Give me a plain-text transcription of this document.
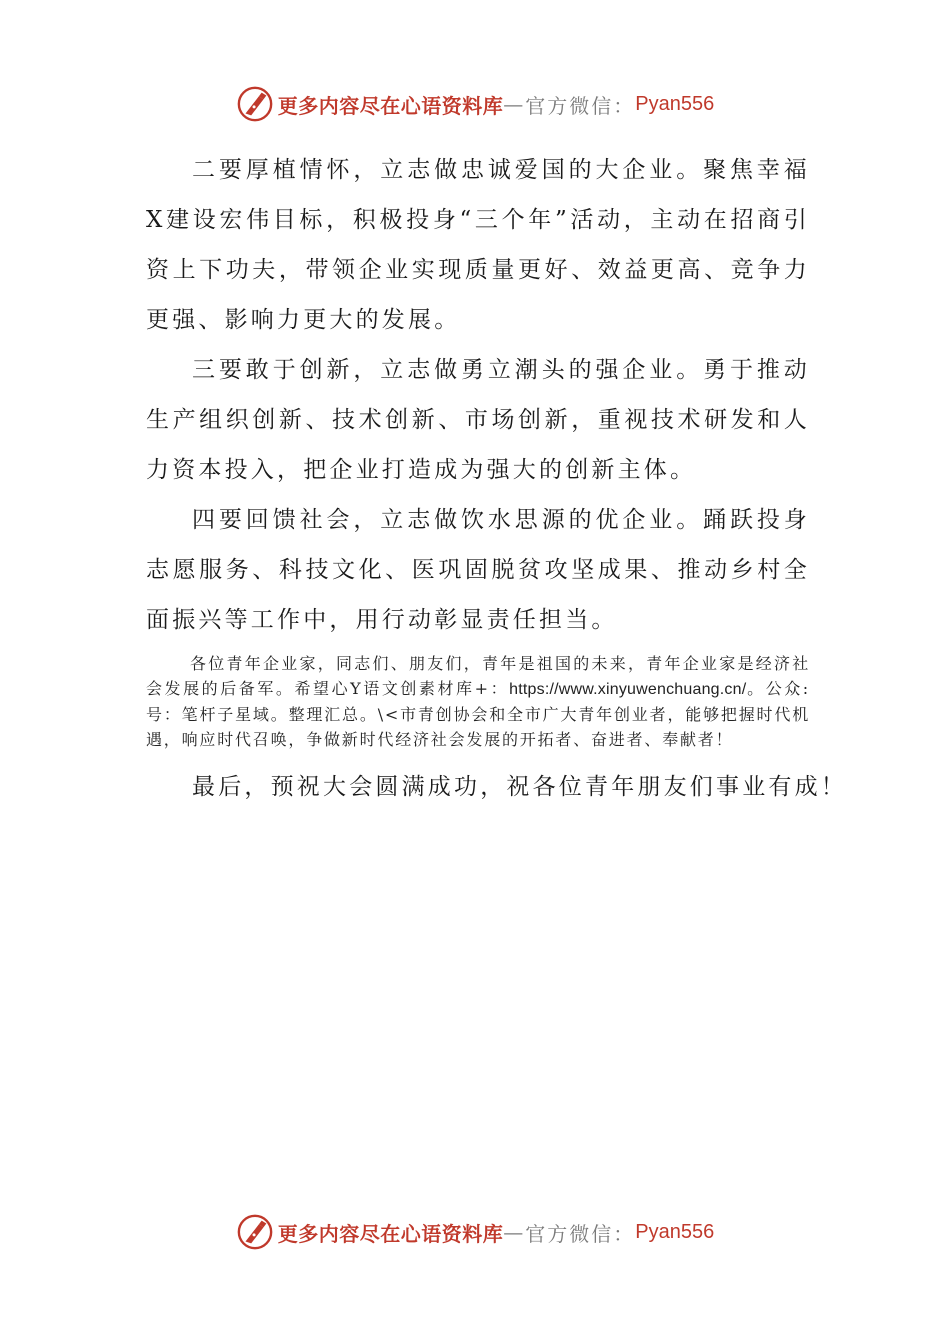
更多内容尽在心语资料库 — 官方微信： Pyan556

二要厚植情怀，立志做忠诚爱国的大企业。聚焦幸福X建设宏伟目标，积极投身“三个年”活动，主动在招商引资上下功夫，带领企业实现质量更好、效益更高、竞争力更强、影响力更大的发展。

三要敢于创新，立志做勇立潮头的强企业。勇于推动生产组织创新、技术创新、市场创新，重视技术研发和人力资本投入，把企业打造成为强大的创新主体。

四要回馈社会，立志做饮水思源的优企业。踊跃投身志愿服务、科技文化、医巩固脱贫攻坚成果、推动乡村全面振兴等工作中，用行动彰显责任担当。

各位青年企业家，同志们、朋友们，青年是祖国的未来，青年企业家是经济社会发展的后备军。希望心Y语文创素材库+：https://www.xinyuwenchuang.cn/。公众:号：笔杆子星域。整理汇总。\<市青创协会和全市广大青年创业者，能够把握时代机遇，响应时代召唤，争做新时代经济社会发展的开拓者、奋进者、奉献者！

最后，预祝大会圆满成功，祝各位青年朋友们事业有成！

更多内容尽在心语资料库 — 官方微信： Pyan556
